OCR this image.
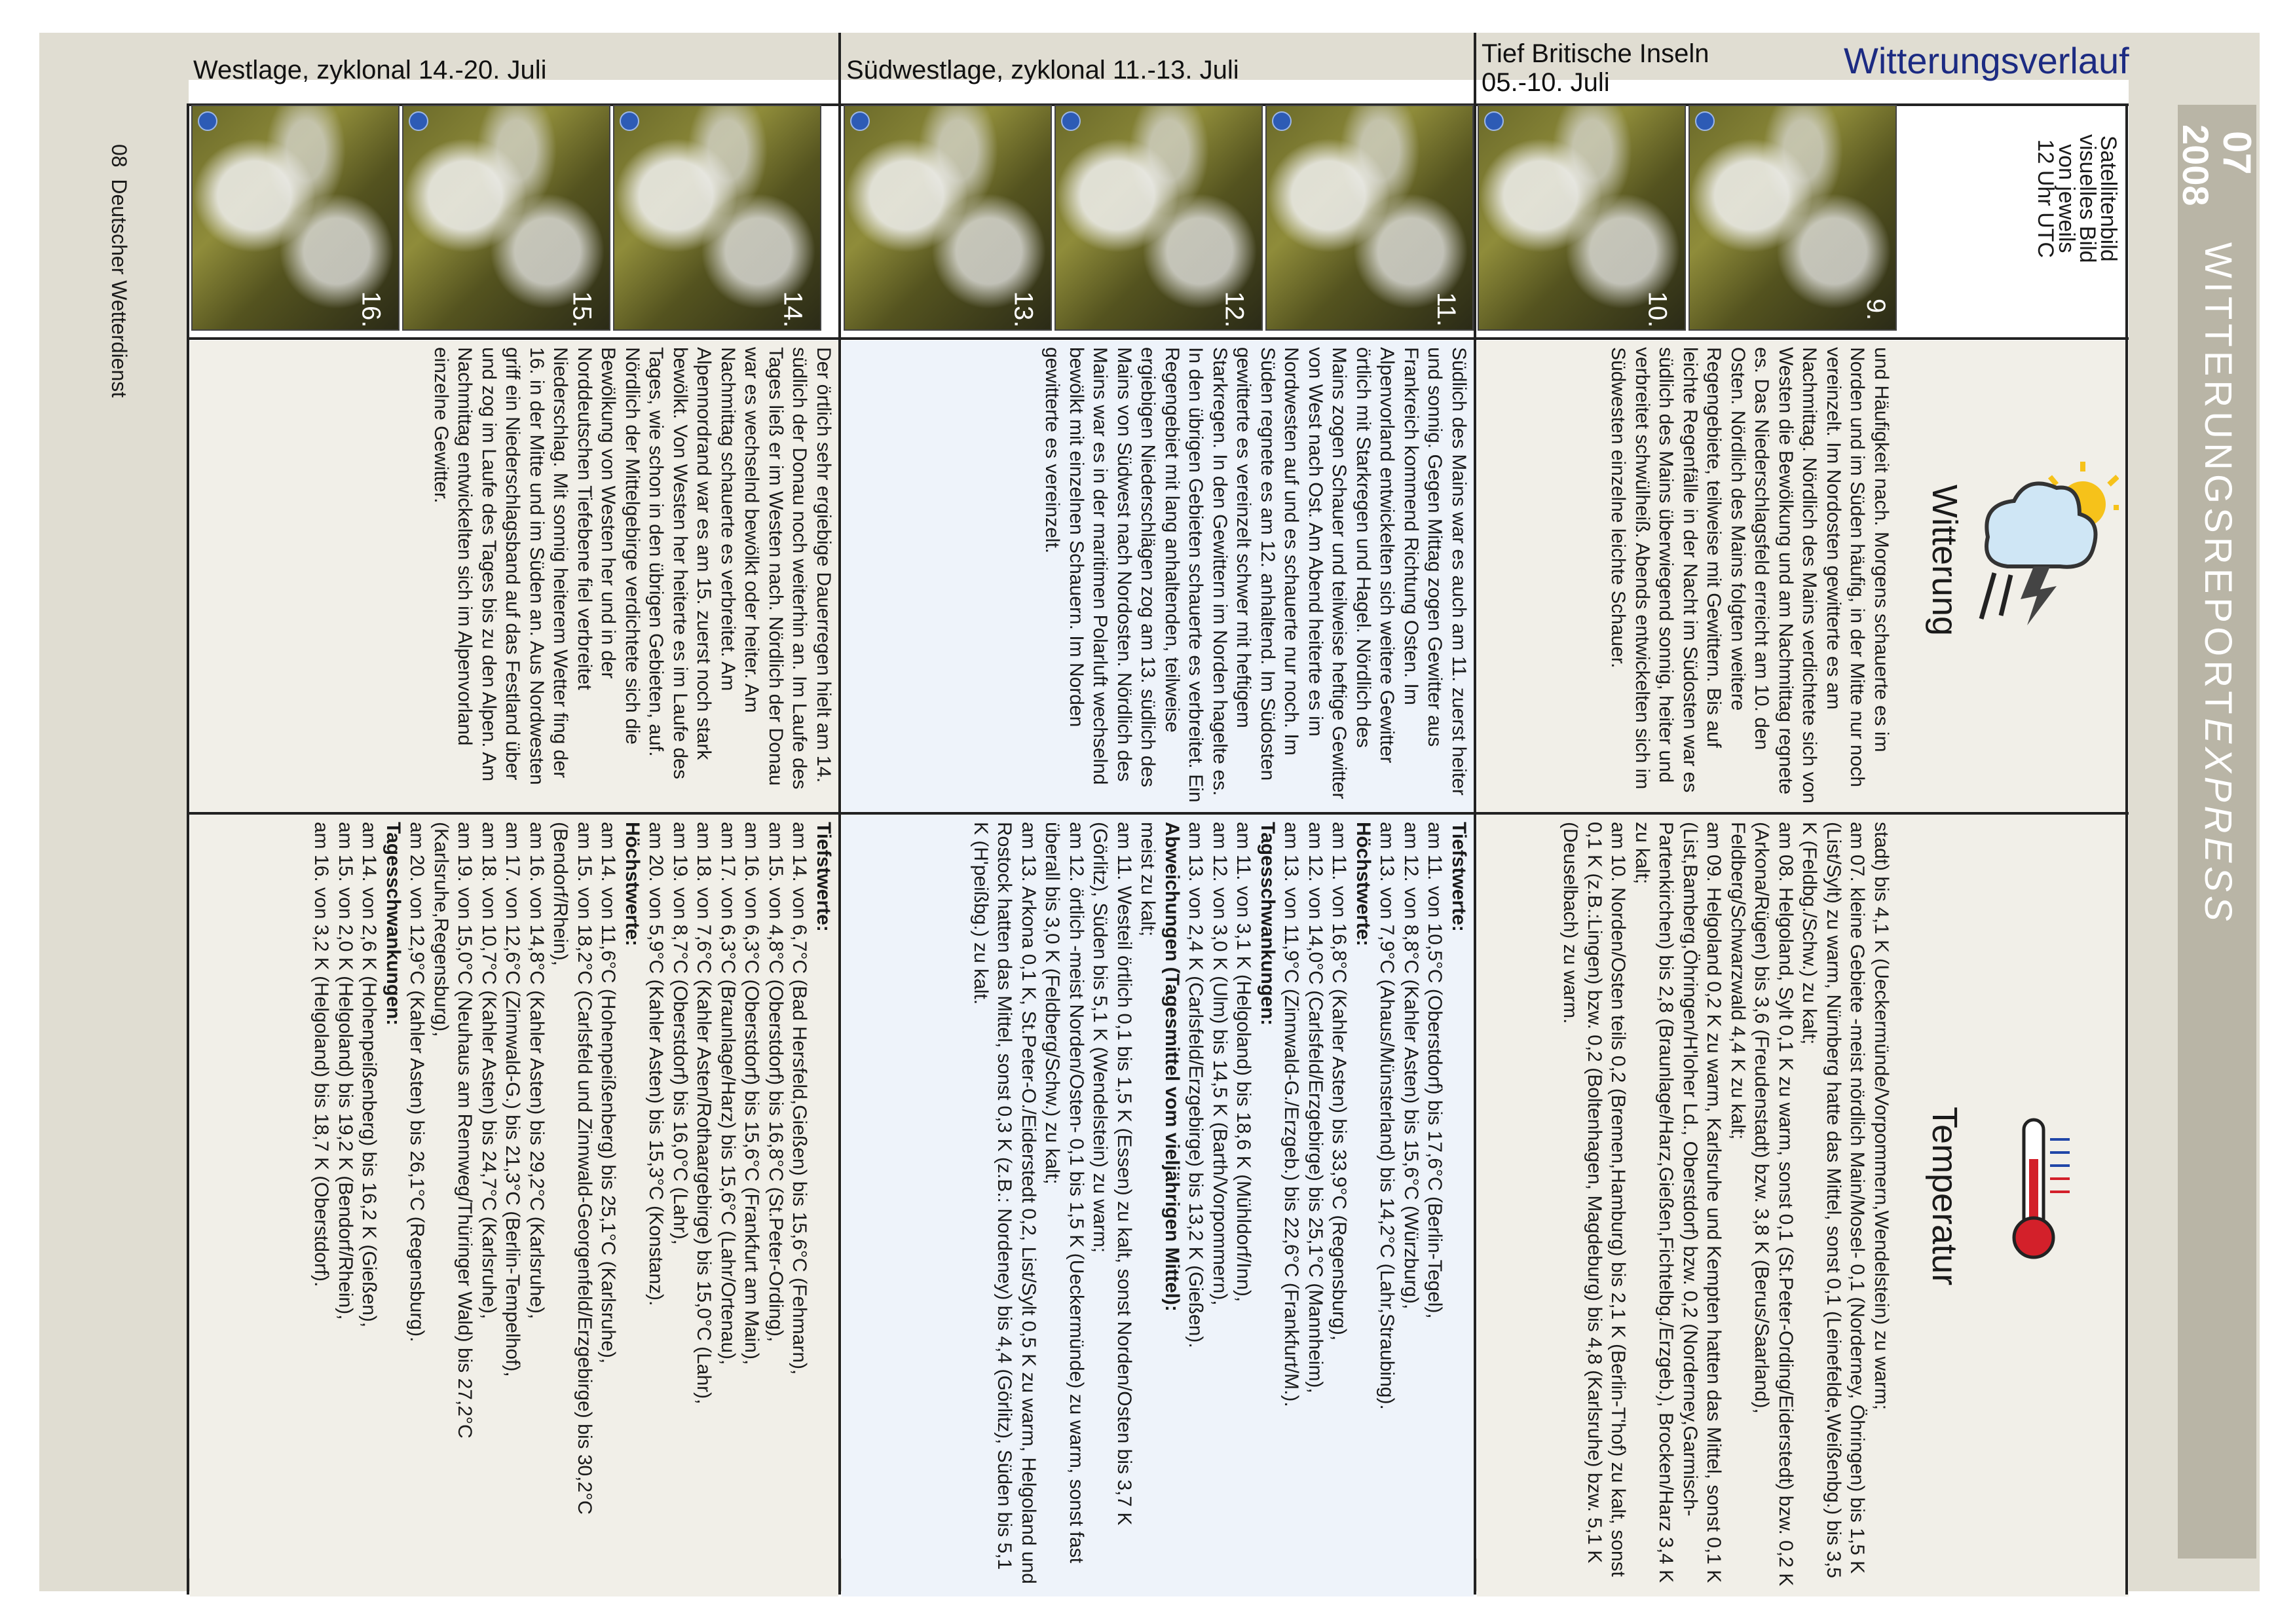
Westlage, zyklonal 14.-20. Juli	Südwestlage, zyklonal 11.-13. Juli
Tief Britische Inseln
05.-10. Juli
Witterungsverlauf
07
2008
WITTERUNGSREPORTEXPRESS
Satellitenbild
visuelles Bild
von jeweils
12 Uhr UTC
Witterung
Temperatur
16.	15.	14.	13.	12.	11.	10.	9.

Der örtlich sehr ergiebige Dauerregen hielt am 14. südlich der Donau noch weiterhin an. Im Laufe des Tages ließ er im Westen nach. Nördlich der Donau war es wechselnd bewölkt oder heiter. Am Nachmittag schauerte es verbreitet. Am Alpennordrand war es am 15. zuerst noch stark bewölkt. Von Westen her heiterte es im Laufe des Tages, wie schon in den übrigen Gebieten, auf. Nördlich der Mittelgebirge verdichtete sich die Bewölkung von Westen her und in der Norddeutschen Tiefebene fiel verbreitet Niederschlag. Mit sonnig heiterem Wetter fing der 16. in der Mitte und im Süden an. Aus Nordwesten griff ein Niederschlagsband auf das Festland über und zog im Laufe des Tages bis zu den Alpen. Am Nachmittag entwickelten sich im Alpenvorland einzelne Gewitter.	Südlich des Mains war es auch am 11. zuerst heiter und sonnig. Gegen Mittag zogen Gewitter aus Frankreich kommend Richtung Osten. Im Alpenvorland entwickelten sich weitere Gewitter örtlich mit Starkregen und Hagel. Nördlich des Mains zogen Schauer und teilweise heftige Gewitter von West nach Ost. Am Abend heiterte es im Nordwesten auf und es schauerte nur noch. Im Süden regnete es am 12. anhaltend. Im Südosten gewitterte es vereinzelt schwer mit heftigem Starkregen. In den Gewittern im Norden hagelte es. In den übrigen Gebieten schauerte es verbreitet. Ein Regengebiet mit lang anhaltenden, teilweise ergiebigen Niederschlägen zog am 13. südlich des Mains von Südwest nach Nordosten. Nördlich des Mains war es in der maritimen Polarluft wechselnd bewölkt mit einzelnen Schauern. Im Norden gewitterte es vereinzelt.	und Häufigkeit nach. Morgens schauerte es im Norden und im Süden häufig, in der Mitte nur noch vereinzelt. Im Nordosten gewitterte es am Nachmittag. Nördlich des Mains verdichtete sich von Westen die Bewölkung und am Nachmittag regnete es. Das Niederschlagsfeld erreicht am 10. den Osten. Nördlich des Mains folgten weitere Regengebiete, teilweise mit Gewittern. Bis auf leichte Regenfälle in der Nacht im Südosten war es südlich des Mains überwiegend sonnig, heiter und verbreitet schwülheiß. Abends entwickelten sich im Südwesten einzelne leichte Schauer.

Tiefstwerte:

am 14. von 6,7°C (Bad Hersfeld,Gießen) bis 15,6°C (Fehmarn),

am 15. von 4,8°C (Oberstdorf) bis 16,8°C (St.Peter-Ording),

am 16. von 6,3°C (Oberstdorf) bis 15,6°C (Frankfurt am Main),

am 17. von 6,3°C (Braunlage/Harz) bis 15,6°C (Lahr/Ortenau),

am 18. von 7,6°C (Kahler Asten/Rothaargebirge) bis 15,0°C (Lahr),

am 19. von 8,7°C (Oberstdorf) bis 16,0°C (Lahr),

am 20. von 5,9°C (Kahler Asten) bis 15,3°C (Konstanz).

Höchstwerte:

am 14. von 11,6°C (Hohenpeißenberg) bis 25,1°C (Karlsruhe),

am 15. von 18,2°C (Carlsfeld und Zinnwald-Georgenfeld/Erzgebirge) bis 30,2°C (Bendorf/Rhein),

am 16. von 14,8°C (Kahler Asten) bis 29,2°C (Karlsruhe),

am 17. von 12,6°C (Zinnwald-G.) bis 21,3°C (Berlin-Tempelhof),

am 18. von 10,7°C (Kahler Asten) bis 24,7°C (Karlsruhe),

am 19. von 15,0°C (Neuhaus am Rennweg/Thüringer Wald) bis 27,2°C (Karlsruhe,Regensburg),

am 20. von 12,9°C (Kahler Asten) bis 26,1°C (Regensburg).

Tagesschwankungen:

am 14. von 2,6 K (Hohenpeißenberg) bis 16,2 K (Gießen),

am 15. von 2,0 K (Helgoland) bis 19,2 K (Bendorf/Rhein),

am 16. von 3,2 K (Helgoland) bis 18,7 K (Oberstdorf).	Tiefstwerte:

am 11. von 10,5°C (Oberstdorf) bis 17,6°C (Berlin-Tegel),

am 12. von 8,8°C (Kahler Asten) bis 15,6°C (Würzburg),

am 13. von 7,9°C (Ahaus/Münsterland) bis 14,2°C (Lahr,Straubing).

Höchstwerte:

am 11. von 16,8°C (Kahler Asten) bis 33,9°C (Regensburg),

am 12. von 14,0°C (Carlsfeld/Erzgebirge) bis 25,1°C (Mannheim),

am 13. von 11,9°C (Zinnwald-G./Erzgeb.) bis 22,6°C (Frankfurt/M.).

Tagesschwankungen:

am 11. von 3,1 K (Helgoland) bis 18,6 K (Mühldorf/Inn),

am 12. von 3,0 K (Ulm) bis 14,5 K (Barth/Vorpommern),

am 13. von 2,4 K (Carlsfeld/Erzgebirge) bis 13,2 K (Gießen).

Abweichungen (Tagesmittel vom vieljährigen Mittel):

meist zu kalt;

am 11. Westeil örtlich 0,1 bis 1,5 K (Essen) zu kalt, sonst Norden/Osten bis 3,7 K (Görlitz), Süden bis 5,1 K (Wendelstein) zu warm;

am 12. örtlich -meist Norden/Osten- 0,1 bis 1,5 K (Ueckermünde) zu warm, sonst fast überall bis 3,0 K (Feldberg/Schw.) zu kalt;

am 13. Arkona 0,1 K, St.Peter-O./Eiderstedt 0,2, List/Sylt 0,5 K zu warm, Helgoland und Rostock hatten das Mittel, sonst 0,3 K (z.B.: Nordeney) bis 4,4 (Görlitz), Süden bis 5,1 K (H'peißbg.) zu kalt.	stadt) bis 4,1 K (Ueckermünde/Vorpommern,Wendelstein) zu warm;

am 07. kleine Gebiete -meist nördlich Main/Mosel- 0,1 (Norderney, Öhringen) bis 1,5 K (List/Sylt) zu warm, Nürnberg hatte das Mittel, sonst 0,1 (Leinefelde,Weißenbg.) bis 3,5 K (Feldbg./Schw.) zu kalt;

am 08. Helgoland, Sylt 0,1 K zu warm, sonst 0,1 (St.Peter-Ording/Eiderstedt) bzw. 0,2 K (Arkona/Rügen) bis 3,6 (Freudenstadt) bzw. 3,8 K (Berus/Saarland), Feldberg/Schwarzwald 4,4 K zu kalt;

am 09. Helgoland 0,2 K zu warm, Karlsruhe und Kempten hatten das Mittel, sonst 0,1 K (List,Bamberg,Öhringen/H'loher Ld., Oberstdorf) bzw. 0,2 (Norderney,Garmisch-Partenkirchen) bis 2,8 (Braunlage/Harz,Gießen,Fichtelbg./Erzgeb.), Brocken/Harz 3,4 K zu kalt;

am 10. Norden/Osten teils 0,2 (Bremen,Hamburg) bis 2,1 K (Berlin-T'hof) zu kalt, sonst 0,1 K (z.B.:Lingen) bzw. 0,2 (Boltenhagen, Magdeburg) bis 4,8 (Karlsruhe) bzw. 5,1 K (Deuselbach) zu warm.

08  Deutscher Wetterdienst
